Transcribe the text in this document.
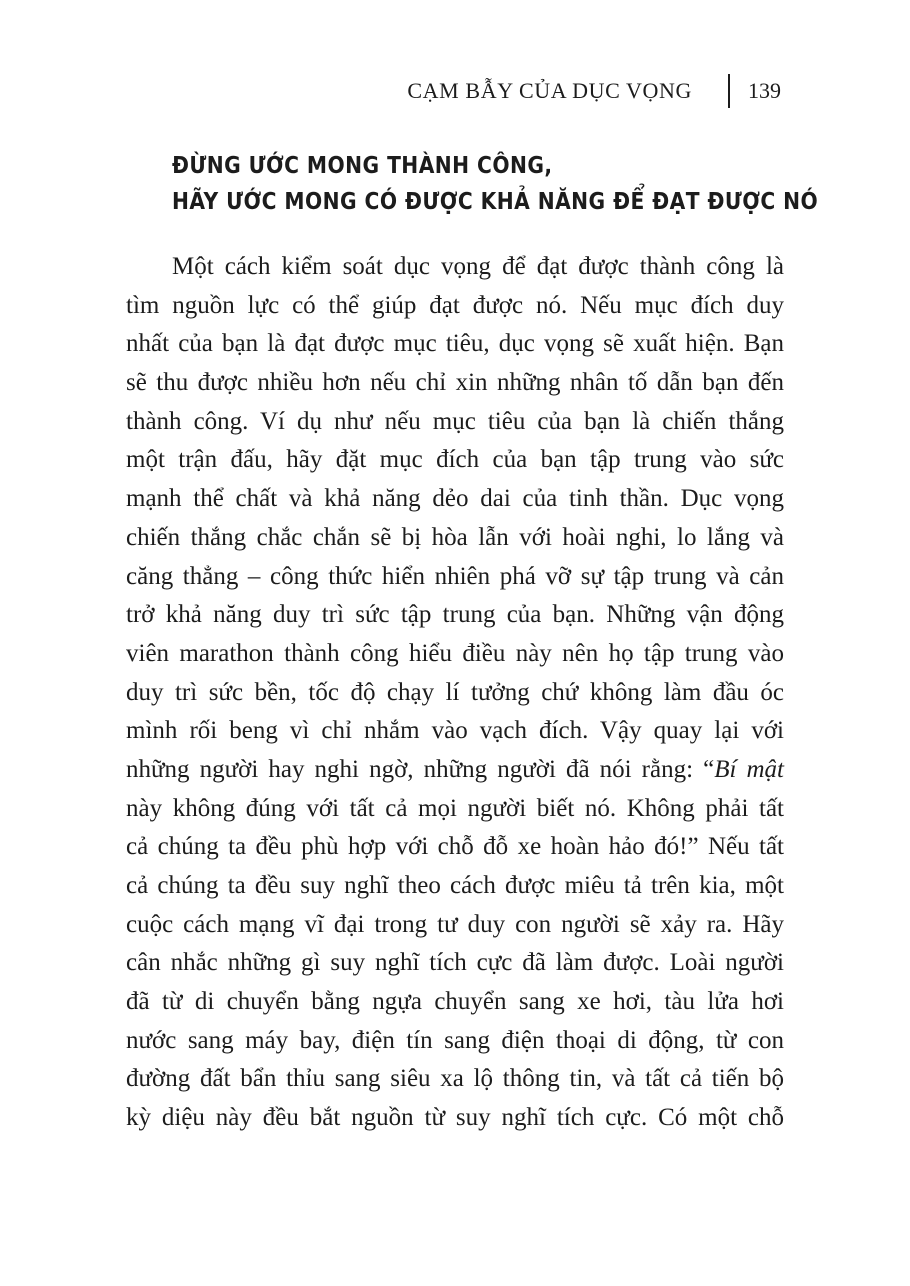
CẠM BẪY CỦA DỤC VỌNG	139
ĐỪNG ƯỚC MONG THÀNH CÔNG,
HÃY ƯỚC MONG CÓ ĐƯỢC KHẢ NĂNG ĐỂ ĐẠT ĐƯỢC NÓ
Một cách kiểm soát dục vọng để đạt được thành công là
tìm nguồn lực có thể giúp đạt được nó. Nếu mục đích duy
nhất của bạn là đạt được mục tiêu, dục vọng sẽ xuất hiện. Bạn
sẽ thu được nhiều hơn nếu chỉ xin những nhân tố dẫn bạn đến
thành công. Ví dụ như nếu mục tiêu của bạn là chiến thắng
một trận đấu, hãy đặt mục đích của bạn tập trung vào sức
mạnh thể chất và khả năng dẻo dai của tinh thần. Dục vọng
chiến thắng chắc chắn sẽ bị hòa lẫn với hoài nghi, lo lắng và
căng thẳng – công thức hiển nhiên phá vỡ sự tập trung và cản
trở khả năng duy trì sức tập trung của bạn. Những vận động
viên marathon thành công hiểu điều này nên họ tập trung vào
duy trì sức bền, tốc độ chạy lí tưởng chứ không làm đầu óc
mình rối beng vì chỉ nhắm vào vạch đích. Vậy quay lại với
những người hay nghi ngờ, những người đã nói rằng: “Bí mật
này không đúng với tất cả mọi người biết nó. Không phải tất
cả chúng ta đều phù hợp với chỗ đỗ xe hoàn hảo đó!” Nếu tất
cả chúng ta đều suy nghĩ theo cách được miêu tả trên kia, một
cuộc cách mạng vĩ đại trong tư duy con người sẽ xảy ra. Hãy
cân nhắc những gì suy nghĩ tích cực đã làm được. Loài người
đã từ di chuyển bằng ngựa chuyển sang xe hơi, tàu lửa hơi
nước sang máy bay, điện tín sang điện thoại di động, từ con
đường đất bẩn thỉu sang siêu xa lộ thông tin, và tất cả tiến bộ
kỳ diệu này đều bắt nguồn từ suy nghĩ tích cực. Có một chỗ
